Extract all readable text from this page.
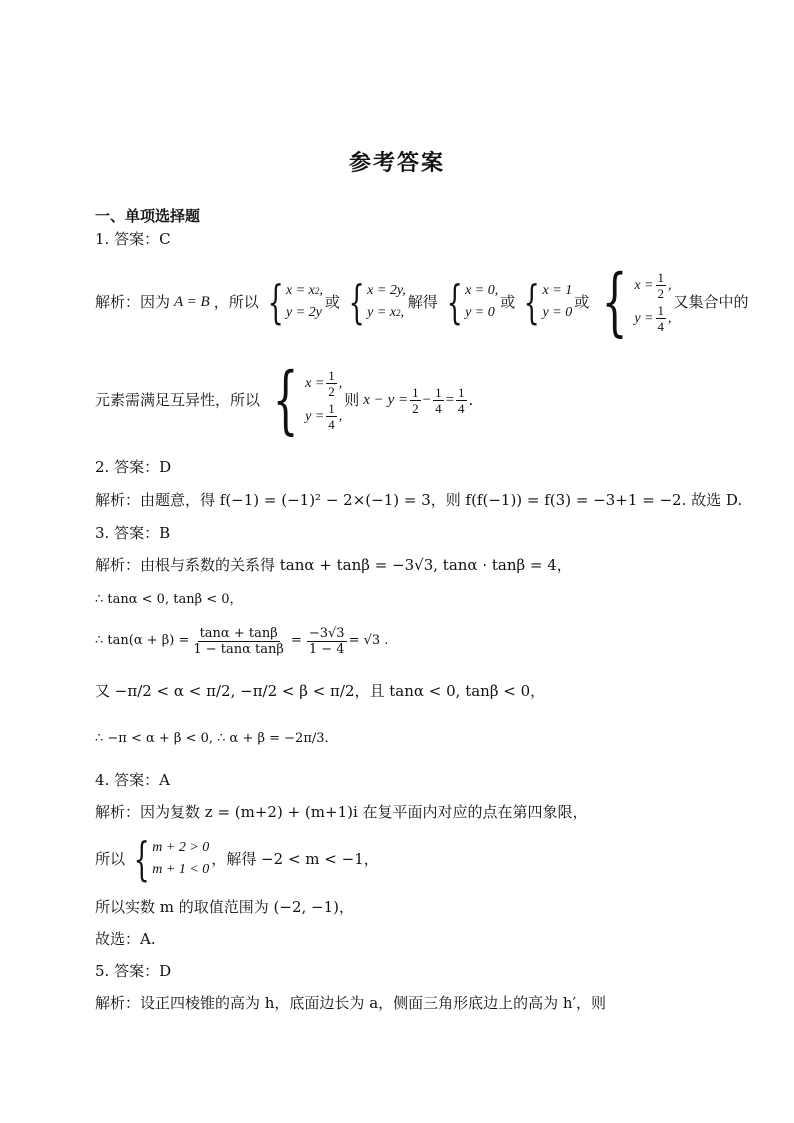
参考答案
一、单项选择题
1. 答案：C
解析：因为 A = B ，所以 { x = x 2 ,
y = 2y
或 { x = 2y,
y = x 2 ,
解得 { x = 0,
y = 0
或 { x = 1
y = 0
或 { $x = \frac{1}{2}$ ,
$y = \frac{1}{4}$ ,
又集合中的
元素需满足互异性，所以 { $x = \frac{1}{2}$ ,
$y = \frac{1}{4}$ ,
则 $x - y = \frac{1}{2} - \frac{1}{4} = \frac{1}{4}$ .
2. 答案：D
解析：由题意，得 f(−1) = (−1)² − 2×(−1) = 3，则 f(f(−1)) = f(3) = −3+1 = −2. 故选 D.
3. 答案：B
解析：由根与系数的关系得 tanα + tanβ = −3√3, tanα · tanβ = 4，
∴ tanα < 0, tanβ < 0，
∴ $\tan(\alpha + \beta) = \frac{\tan\alpha + \tan\beta}{\text{1 − tanα tanβ}} = \frac{-3√3}{1 - 4} = √3$ .
又 −π/2 < α < π/2, −π/2 < β < π/2，且 tanα < 0, tanβ < 0，
∴ −π < α + β < 0, ∴ α + β = −2π/3.
4. 答案：A
解析：因为复数 z = (m+2) + (m+1)i 在复平面内对应的点在第四象限，
所以 { m + 2 > 0
m + 1 < 0
，解得 −2 < m < −1，
所以实数 m 的取值范围为 (−2, −1)，
故选：A.
5. 答案：D
解析：设正四棱锥的高为 h，底面边长为 a，侧面三角形底边上的高为 h′，则
